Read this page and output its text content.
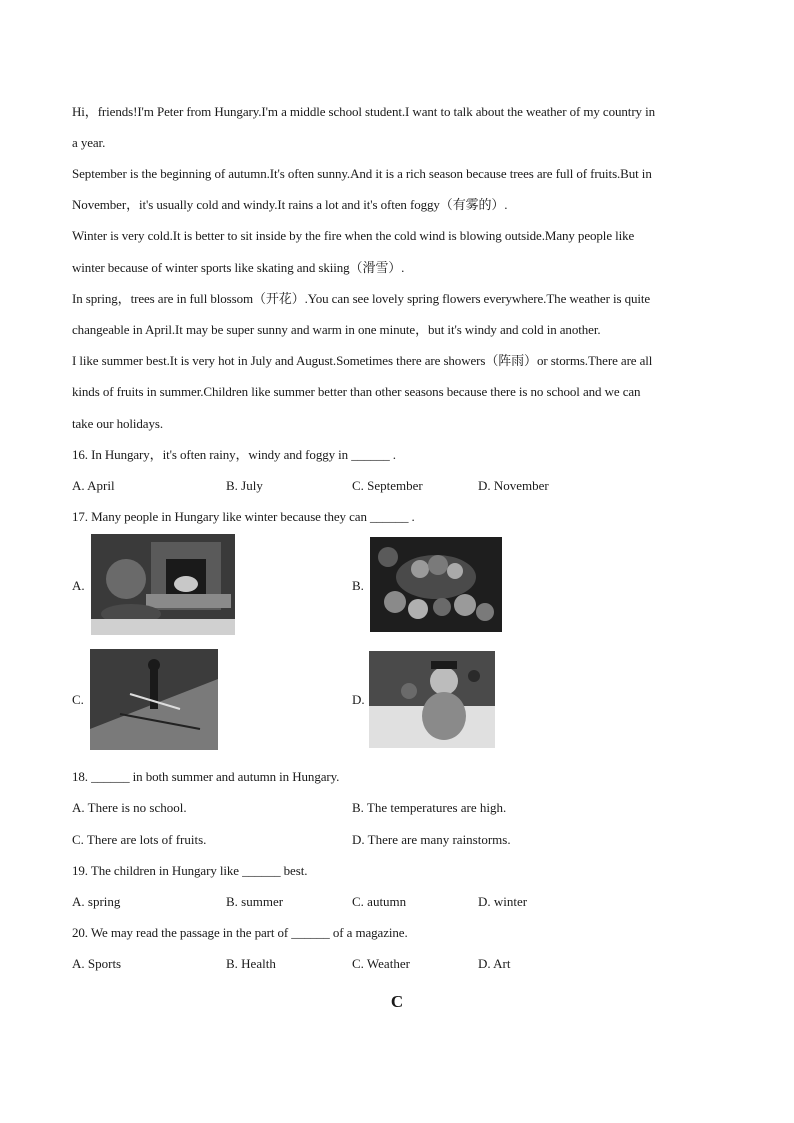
Hi，friends!I'm Peter from Hungary.I'm a middle school student.I want to talk about the weather of my country in
a year.
September is the beginning of autumn.It's often sunny.And it is a rich season because trees are full of fruits.But in
November，it's usually cold and windy.It rains a lot and it's often foggy（有雾的）.
Winter is very cold.It is better to sit inside by the fire when the cold wind is blowing outside.Many people like
winter because of winter sports like skating and skiing（滑雪）.
In spring，trees are in full blossom（开花）.You can see lovely spring flowers everywhere.The weather is quite
changeable in April.It may be super sunny and warm in one minute，but it's windy and cold in another.
I like summer best.It is very hot in July and August.Sometimes there are showers（阵雨）or storms.There are all
kinds of fruits in summer.Children like summer better than other seasons because there is no school and we can
take our holidays.
16. In Hungary，it's often rainy，windy and foggy in ______ .
A. April	B. July	C. September	D. November
17. Many people in Hungary like winter because they can ______ .
A.	B.
C.	D.
18. ______ in both summer and autumn in Hungary.
A. There is no school.	B. The temperatures are high.
C. There are lots of fruits.	D. There are many rainstorms.
19. The children in Hungary like ______ best.
A. spring	B. summer	C. autumn	D. winter
20. We may read the passage in the part of ______ of a magazine.
A. Sports	B. Health	C. Weather	D. Art
C
